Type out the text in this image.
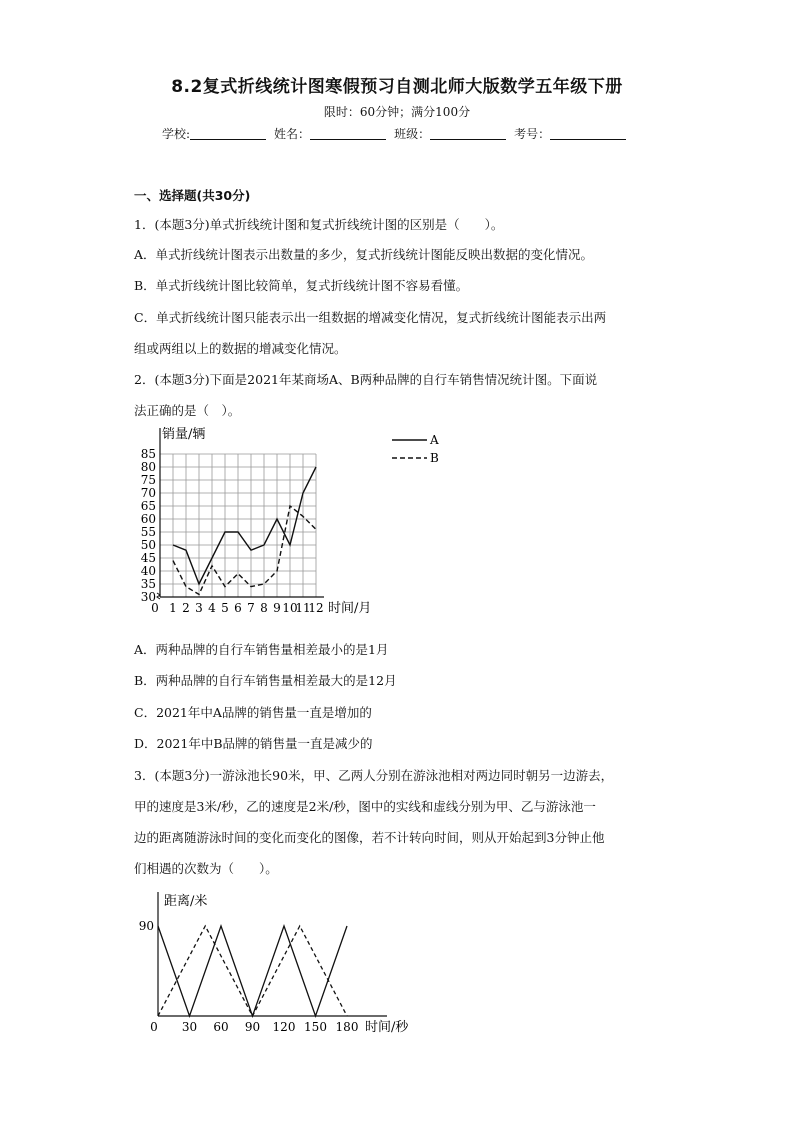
8.2复式折线统计图寒假预习自测北师大版数学五年级下册
限时：60分钟；满分100分
学校:	姓名：	班级：	考号：
一、选择题(共30分)
1．(本题3分)单式折线统计图和复式折线统计图的区别是（　　）。
A．单式折线统计图表示出数量的多少，复式折线统计图能反映出数据的变化情况。
B．单式折线统计图比较简单，复式折线统计图不容易看懂。
C．单式折线统计图只能表示出一组数据的增减变化情况，复式折线统计图能表示出两
组或两组以上的数据的增减变化情况。
2．(本题3分)下面是2021年某商场A、B两种品牌的自行车销售情况统计图。下面说
法正确的是（　）。
30
35
40
45
50
55
60
65
70
75
80
85
销量/辆
0 1 2 3 4 5 6 7 8 9 10
11
12 时间/月
A
B
A．两种品牌的自行车销售量相差最小的是1月
B．两种品牌的自行车销售量相差最大的是12月
C．2021年中A品牌的销售量一直是增加的
D．2021年中B品牌的销售量一直是减少的
3．(本题3分)一游泳池长90米，甲、乙两人分别在游泳池相对两边同时朝另一边游去，
甲的速度是3米/秒，乙的速度是2米/秒，图中的实线和虚线分别为甲、乙与游泳池一
边的距离随游泳时间的变化而变化的图像，若不计转向时间，则从开始起到3分钟止他
们相遇的次数为（　　）。
距离/米
90
0 30 60 90 120 150 180 时间/秒
